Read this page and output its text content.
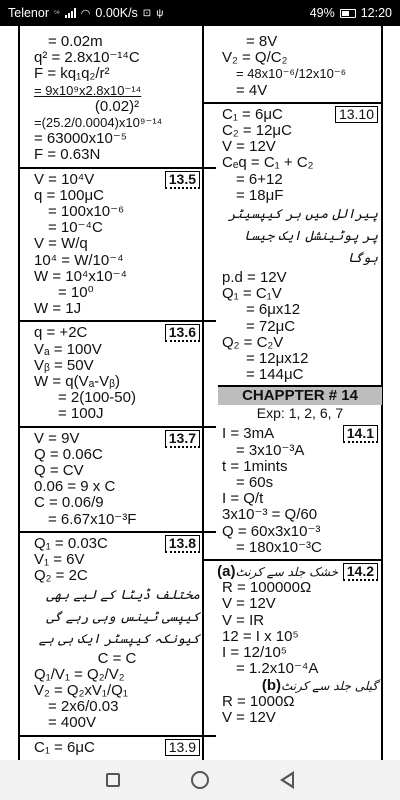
Telenor ⁵⁶ ◠ 0.00K/s ⊡ ψ	49% 12:20
= 0.02m
q² = 2.8x10⁻¹⁴C
F = kq₁q₂/r²
= 9x10⁹x2.8x10⁻¹⁴
(0.02)²
=(25.2/0.0004)x10⁹⁻¹⁴
= 63000x10⁻⁵
F = 0.63N
V = 10⁴V	13.5
q = 100μC
= 100x10⁻⁶
= 10⁻⁴C
V = W/q
10⁴ = W/10⁻⁴
W = 10⁴x10⁻⁴
= 10⁰
W = 1J
q = +2C	13.6
Vₐ = 100V
Vᵦ = 50V
W = q(Vₐ-Vᵦ)
= 2(100-50)
= 100J
V = 9V	13.7
Q = 0.06C
Q = CV
0.06 = 9 x C
C = 0.06/9
= 6.67x10⁻³F
Q₁ = 0.03C	13.8
V₁ = 6V
Q₂ = 2C
مختلف ڈیٹا کے لیے بھی کیپسی ٹینس وہی رہے گی کیونکہ کیپسٹر ایک ہی ہے
C = C
Q₁/V₁ = Q₂/V₂
V₂ = Q₂xV₁/Q₁
= 2x6/0.03
= 400V
C₁ = 6μC	13.9
= 8V
V₂ = Q/C₂
= 48x10⁻⁶/12x10⁻⁶
= 4V
C₁ = 6μC	13.10
C₂ = 12μC
V = 12V
Cₑq = C₁ + C₂
= 6+12
= 18μF
پیرالل میں ہر کیپسیٹر پر پوٹینشل ایک جیسا ہوگا
p.d = 12V
Q₁ = C₁V
= 6μx12
= 72μC
Q₂ = C₂V
= 12μx12
= 144μC
CHAPPTER # 14
Exp: 1, 2, 6, 7
I = 3mA	14.1
= 3x10⁻³A
t = 1mints
= 60s
I = Q/t
3x10⁻³ = Q/60
Q = 60x3x10⁻³
= 180x10⁻³C
خشک جلد سے کرنٹ(a)	14.2
R = 100000Ω
V = 12V
V = IR
12 = I x 10⁵
I = 12/10⁵
= 1.2x10⁻⁴A
گیلی جلد سے کرنٹ(b)
R = 1000Ω
V = 12V
